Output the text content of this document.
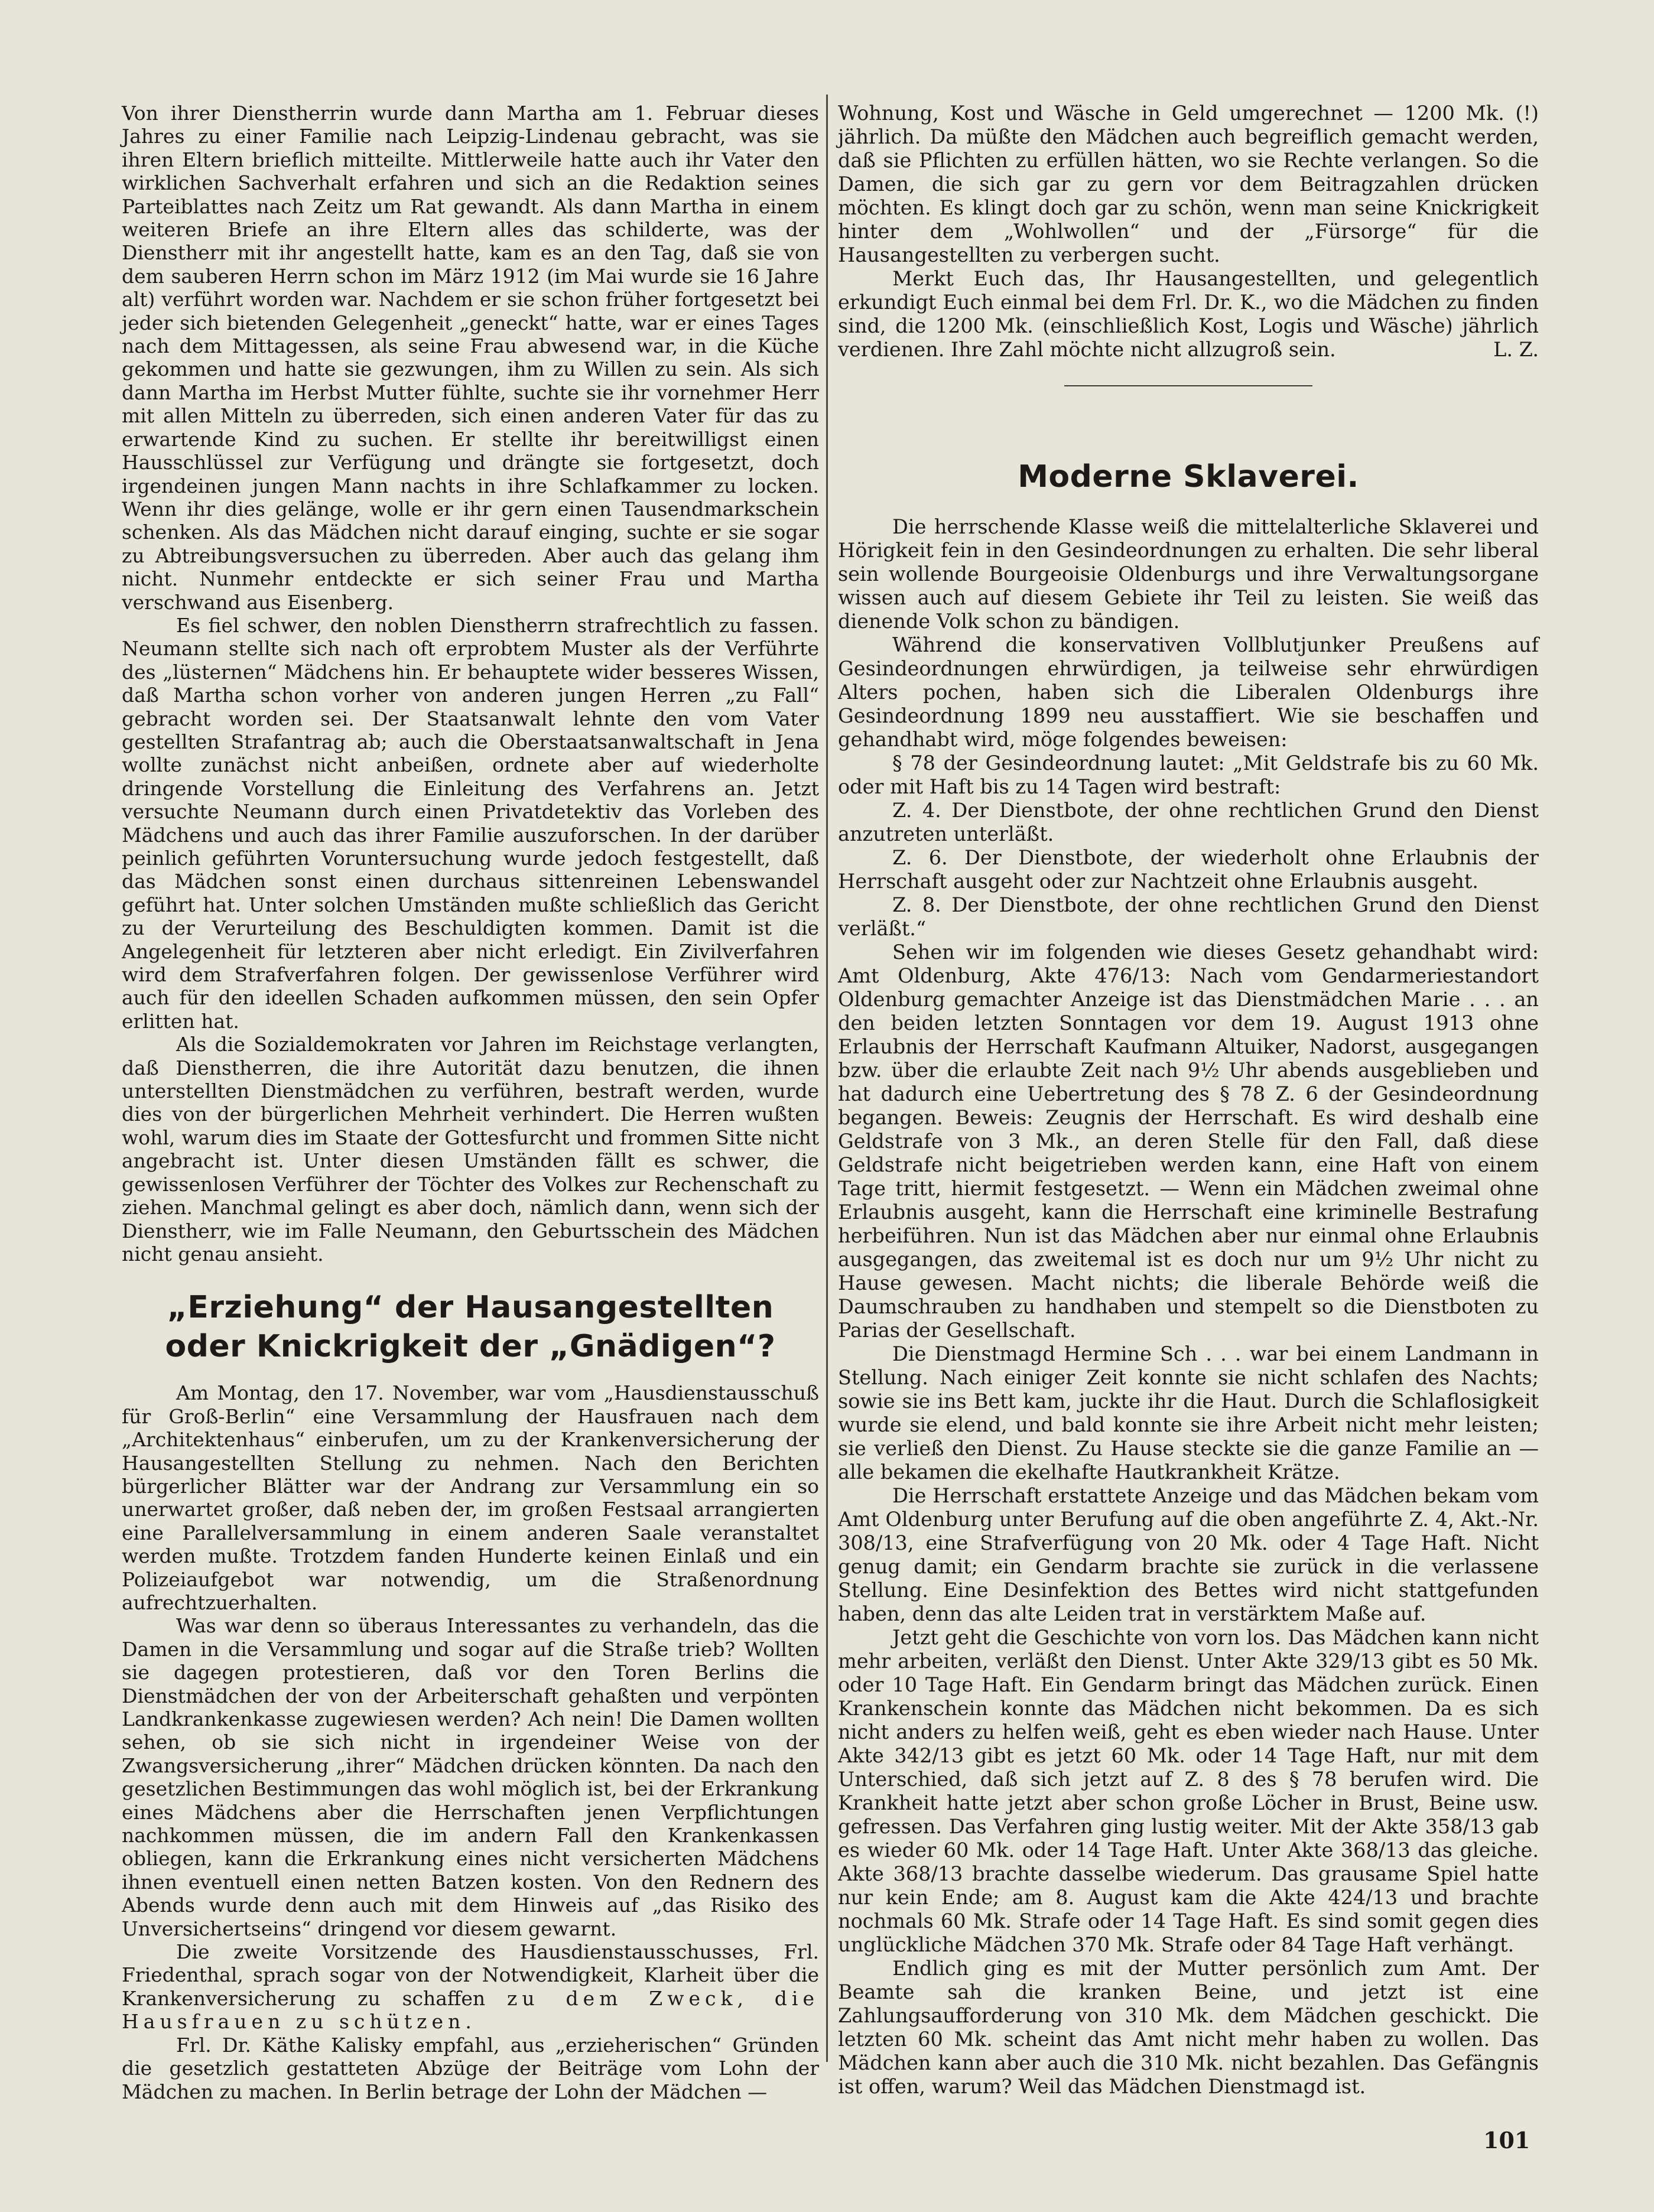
Von ihrer Dienstherrin wurde dann Martha am 1. Februar dieses Jahres zu einer Familie nach Leipzig-Lindenau gebracht, was sie ihren Eltern brieflich mitteilte. Mittlerweile hatte auch ihr Vater den wirklichen Sachverhalt erfahren und sich an die Redaktion seines Parteiblattes nach Zeitz um Rat gewandt. Als dann Martha in einem weiteren Briefe an ihre Eltern alles das schilderte, was der Dienstherr mit ihr angestellt hatte, kam es an den Tag, daß sie von dem sauberen Herrn schon im März 1912 (im Mai wurde sie 16 Jahre alt) verführt worden war. Nachdem er sie schon früher fortgesetzt bei jeder sich bietenden Gelegenheit „geneckt“ hatte, war er eines Tages nach dem Mittagessen, als seine Frau abwesend war, in die Küche gekommen und hatte sie gezwungen, ihm zu Willen zu sein. Als sich dann Martha im Herbst Mutter fühlte, suchte sie ihr vornehmer Herr mit allen Mitteln zu überreden, sich einen anderen Vater für das zu erwartende Kind zu suchen. Er stellte ihr bereitwilligst einen Hausschlüssel zur Verfügung und drängte sie fortgesetzt, doch irgendeinen jungen Mann nachts in ihre Schlafkammer zu locken. Wenn ihr dies gelänge, wolle er ihr gern einen Tausendmarkschein schenken. Als das Mädchen nicht darauf einging, suchte er sie sogar zu Abtreibungsversuchen zu überreden. Aber auch das gelang ihm nicht. Nunmehr entdeckte er sich seiner Frau und Martha verschwand aus Eisenberg.

Es fiel schwer, den noblen Dienstherrn strafrechtlich zu fassen. Neumann stellte sich nach oft erprobtem Muster als der Verführte des „lüsternen“ Mädchens hin. Er behauptete wider besseres Wissen, daß Martha schon vorher von anderen jungen Herren „zu Fall“ gebracht worden sei. Der Staatsanwalt lehnte den vom Vater gestellten Strafantrag ab; auch die Oberstaatsanwaltschaft in Jena wollte zunächst nicht anbeißen, ordnete aber auf wiederholte dringende Vorstellung die Einleitung des Verfahrens an. Jetzt versuchte Neumann durch einen Privatdetektiv das Vorleben des Mädchens und auch das ihrer Familie auszuforschen. In der darüber peinlich geführten Voruntersuchung wurde jedoch festgestellt, daß das Mädchen sonst einen durchaus sittenreinen Lebenswandel geführt hat. Unter solchen Umständen mußte schließlich das Gericht zu der Verurteilung des Beschuldigten kommen. Damit ist die Angelegenheit für letzteren aber nicht erledigt. Ein Zivilverfahren wird dem Strafverfahren folgen. Der gewissenlose Verführer wird auch für den ideellen Schaden aufkommen müssen, den sein Opfer erlitten hat.

Als die Sozialdemokraten vor Jahren im Reichstage verlangten, daß Dienstherren, die ihre Autorität dazu benutzen, die ihnen unterstellten Dienstmädchen zu verführen, bestraft werden, wurde dies von der bürgerlichen Mehrheit verhindert. Die Herren wußten wohl, warum dies im Staate der Gottesfurcht und frommen Sitte nicht angebracht ist. Unter diesen Umständen fällt es schwer, die gewissenlosen Verführer der Töchter des Volkes zur Rechenschaft zu ziehen. Manchmal gelingt es aber doch, nämlich dann, wenn sich der Dienstherr, wie im Falle Neumann, den Geburtsschein des Mädchen nicht genau ansieht.

„Erziehung“ der Hausangestellten oder Knickrigkeit der „Gnädigen“?

Am Montag, den 17. November, war vom „Hausdienstausschuß für Groß-Berlin“ eine Versammlung der Hausfrauen nach dem „Architektenhaus“ einberufen, um zu der Krankenversicherung der Hausangestellten Stellung zu nehmen. Nach den Berichten bürgerlicher Blätter war der Andrang zur Versammlung ein so unerwartet großer, daß neben der, im großen Festsaal arrangierten eine Parallelversammlung in einem anderen Saale veranstaltet werden mußte. Trotzdem fanden Hunderte keinen Einlaß und ein Polizeiaufgebot war notwendig, um die Straßenordnung aufrechtzuerhalten.

Was war denn so überaus Interessantes zu verhandeln, das die Damen in die Versammlung und sogar auf die Straße trieb? Wollten sie dagegen protestieren, daß vor den Toren Berlins die Dienstmädchen der von der Arbeiterschaft gehaßten und verpönten Landkrankenkasse zugewiesen werden? Ach nein! Die Damen wollten sehen, ob sie sich nicht in irgendeiner Weise von der Zwangsversicherung „ihrer“ Mädchen drücken könnten. Da nach den gesetzlichen Bestimmungen das wohl möglich ist, bei der Erkrankung eines Mädchens aber die Herrschaften jenen Verpflichtungen nachkommen müssen, die im andern Fall den Krankenkassen obliegen, kann die Erkrankung eines nicht versicherten Mädchens ihnen eventuell einen netten Batzen kosten. Von den Rednern des Abends wurde denn auch mit dem Hinweis auf „das Risiko des Unversichertseins“ dringend vor diesem gewarnt.

Die zweite Vorsitzende des Hausdienstausschusses, Frl. Friedenthal, sprach sogar von der Notwendigkeit, Klarheit über die Krankenversicherung zu schaffen zu dem Zweck, die Hausfrauen zu schützen.

Frl. Dr. Käthe Kalisky empfahl, aus „erzieherischen“ Gründen die gesetzlich gestatteten Abzüge der Beiträge vom Lohn der Mädchen zu machen. In Berlin betrage der Lohn der Mädchen —

Wohnung, Kost und Wäsche in Geld umgerechnet — 1200 Mk. (!) jährlich. Da müßte den Mädchen auch begreiflich gemacht werden, daß sie Pflichten zu erfüllen hätten, wo sie Rechte verlangen. So die Damen, die sich gar zu gern vor dem Beitragzahlen drücken möchten. Es klingt doch gar zu schön, wenn man seine Knickrigkeit hinter dem „Wohlwollen“ und der „Fürsorge“ für die Hausangestellten zu verbergen sucht.

Merkt Euch das, Ihr Hausangestellten, und gelegentlich erkundigt Euch einmal bei dem Frl. Dr. K., wo die Mädchen zu finden sind, die 1200 Mk. (einschließlich Kost, Logis und Wäsche) jährlich verdienen. Ihre Zahl möchte nicht allzugroß sein.	L. Z.

Moderne Sklaverei.

Die herrschende Klasse weiß die mittelalterliche Sklaverei und Hörigkeit fein in den Gesindeordnungen zu erhalten. Die sehr liberal sein wollende Bourgeoisie Oldenburgs und ihre Verwaltungsorgane wissen auch auf diesem Gebiete ihr Teil zu leisten. Sie weiß das dienende Volk schon zu bändigen.

Während die konservativen Vollblutjunker Preußens auf Gesindeordnungen ehrwürdigen, ja teilweise sehr ehrwürdigen Alters pochen, haben sich die Liberalen Oldenburgs ihre Gesindeordnung 1899 neu ausstaffiert. Wie sie beschaffen und gehandhabt wird, möge folgendes beweisen:

§ 78 der Gesindeordnung lautet: „Mit Geldstrafe bis zu 60 Mk. oder mit Haft bis zu 14 Tagen wird bestraft:

Z. 4. Der Dienstbote, der ohne rechtlichen Grund den Dienst anzutreten unterläßt.

Z. 6. Der Dienstbote, der wiederholt ohne Erlaubnis der Herrschaft ausgeht oder zur Nachtzeit ohne Erlaubnis ausgeht.

Z. 8. Der Dienstbote, der ohne rechtlichen Grund den Dienst verläßt.“

Sehen wir im folgenden wie dieses Gesetz gehandhabt wird: Amt Oldenburg, Akte 476/13: Nach vom Gendarmeriestandort Oldenburg gemachter Anzeige ist das Dienstmädchen Marie . . . an den beiden letzten Sonntagen vor dem 19. August 1913 ohne Erlaubnis der Herrschaft Kaufmann Altuiker, Nadorst, ausgegangen bzw. über die erlaubte Zeit nach 9½ Uhr abends ausgeblieben und hat dadurch eine Uebertretung des § 78 Z. 6 der Gesindeordnung begangen. Beweis: Zeugnis der Herrschaft. Es wird deshalb eine Geldstrafe von 3 Mk., an deren Stelle für den Fall, daß diese Geldstrafe nicht beigetrieben werden kann, eine Haft von einem Tage tritt, hiermit festgesetzt. — Wenn ein Mädchen zweimal ohne Erlaubnis ausgeht, kann die Herrschaft eine kriminelle Bestrafung herbeiführen. Nun ist das Mädchen aber nur einmal ohne Erlaubnis ausgegangen, das zweitemal ist es doch nur um 9½ Uhr nicht zu Hause gewesen. Macht nichts; die liberale Behörde weiß die Daumschrauben zu handhaben und stempelt so die Dienstboten zu Parias der Gesellschaft.

Die Dienstmagd Hermine Sch . . . war bei einem Landmann in Stellung. Nach einiger Zeit konnte sie nicht schlafen des Nachts; sowie sie ins Bett kam, juckte ihr die Haut. Durch die Schlaflosigkeit wurde sie elend, und bald konnte sie ihre Arbeit nicht mehr leisten; sie verließ den Dienst. Zu Hause steckte sie die ganze Familie an — alle bekamen die ekelhafte Hautkrankheit Krätze.

Die Herrschaft erstattete Anzeige und das Mädchen bekam vom Amt Oldenburg unter Berufung auf die oben angeführte Z. 4, Akt.-Nr. 308/13, eine Strafverfügung von 20 Mk. oder 4 Tage Haft. Nicht genug damit; ein Gendarm brachte sie zurück in die verlassene Stellung. Eine Desinfektion des Bettes wird nicht stattgefunden haben, denn das alte Leiden trat in verstärktem Maße auf.

Jetzt geht die Geschichte von vorn los. Das Mädchen kann nicht mehr arbeiten, verläßt den Dienst. Unter Akte 329/13 gibt es 50 Mk. oder 10 Tage Haft. Ein Gendarm bringt das Mädchen zurück. Einen Krankenschein konnte das Mädchen nicht bekommen. Da es sich nicht anders zu helfen weiß, geht es eben wieder nach Hause. Unter Akte 342/13 gibt es jetzt 60 Mk. oder 14 Tage Haft, nur mit dem Unterschied, daß sich jetzt auf Z. 8 des § 78 berufen wird. Die Krankheit hatte jetzt aber schon große Löcher in Brust, Beine usw. gefressen. Das Verfahren ging lustig weiter. Mit der Akte 358/13 gab es wieder 60 Mk. oder 14 Tage Haft. Unter Akte 368/13 das gleiche. Akte 368/13 brachte dasselbe wiederum. Das grausame Spiel hatte nur kein Ende; am 8. August kam die Akte 424/13 und brachte nochmals 60 Mk. Strafe oder 14 Tage Haft. Es sind somit gegen dies unglückliche Mädchen 370 Mk. Strafe oder 84 Tage Haft verhängt.

Endlich ging es mit der Mutter persönlich zum Amt. Der Beamte sah die kranken Beine, und jetzt ist eine Zahlungsaufforderung von 310 Mk. dem Mädchen geschickt. Die letzten 60 Mk. scheint das Amt nicht mehr haben zu wollen. Das Mädchen kann aber auch die 310 Mk. nicht bezahlen. Das Gefängnis ist offen, warum? Weil das Mädchen Dienstmagd ist.

101
